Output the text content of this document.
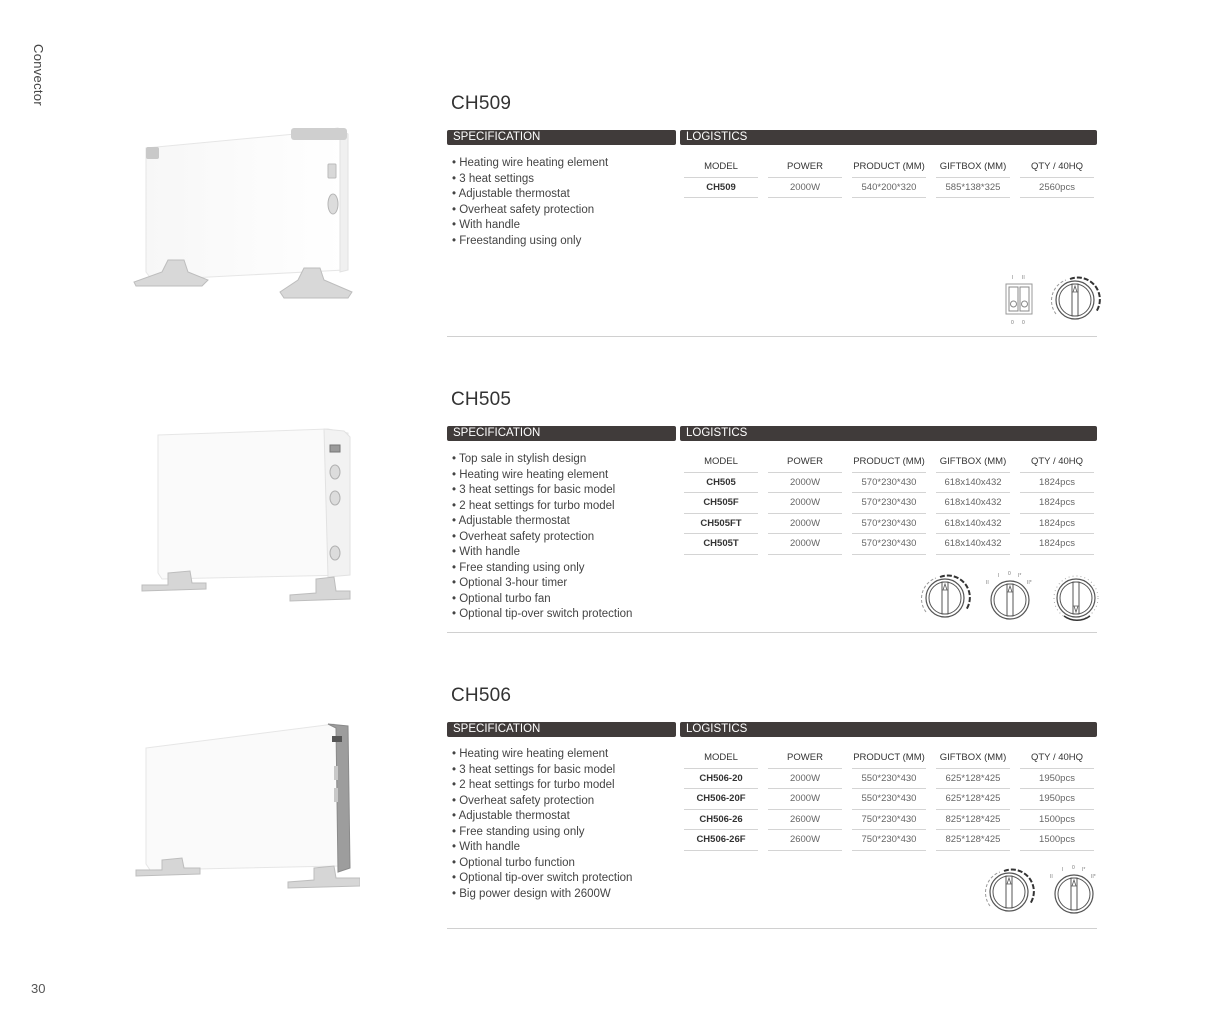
Convector
30
CH509
SPECIFICATION	LOGISTICS
• Heating wire heating element
• 3 heat settings
• Adjustable thermostat
• Overheat safety protection
• With handle
• Freestanding using only
MODEL	POWER	PRODUCT (MM)	GIFTBOX (MM)	QTY / 40HQ
CH509	2000W	540*200*320	585*138*325	2560pcs
I II
0 0
CH505
SPECIFICATION	LOGISTICS
• Top sale in stylish design
• Heating wire heating element
• 3 heat settings for basic model
• 2 heat settings for turbo model
• Adjustable thermostat
• Overheat safety protection
• With handle
• Free standing using only
• Optional 3-hour timer
• Optional turbo fan
• Optional tip-over switch protection
MODEL	POWER	PRODUCT (MM)	GIFTBOX (MM)	QTY / 40HQ
CH505	2000W	570*230*430	618x140x432	1824pcs
CH505F	2000W	570*230*430	618x140x432	1824pcs
CH505FT	2000W	570*230*430	618x140x432	1824pcs
CH505T	2000W	570*230*430	618x140x432	1824pcs
II
I 0 I*
II*
CH506
SPECIFICATION	LOGISTICS
• Heating wire heating element
• 3 heat settings for basic model
• 2 heat settings for turbo model
• Overheat safety protection
• Adjustable thermostat
• Free standing using only
• With handle
• Optional turbo function
• Optional tip-over switch protection
• Big power design with 2600W
MODEL	POWER	PRODUCT (MM)	GIFTBOX (MM)	QTY / 40HQ
CH506-20	2000W	550*230*430	625*128*425	1950pcs
CH506-20F	2000W	550*230*430	625*128*425	1950pcs
CH506-26	2600W	750*230*430	825*128*425	1500pcs
CH506-26F	2600W	750*230*430	825*128*425	1500pcs
II
I 0 I*
II*
